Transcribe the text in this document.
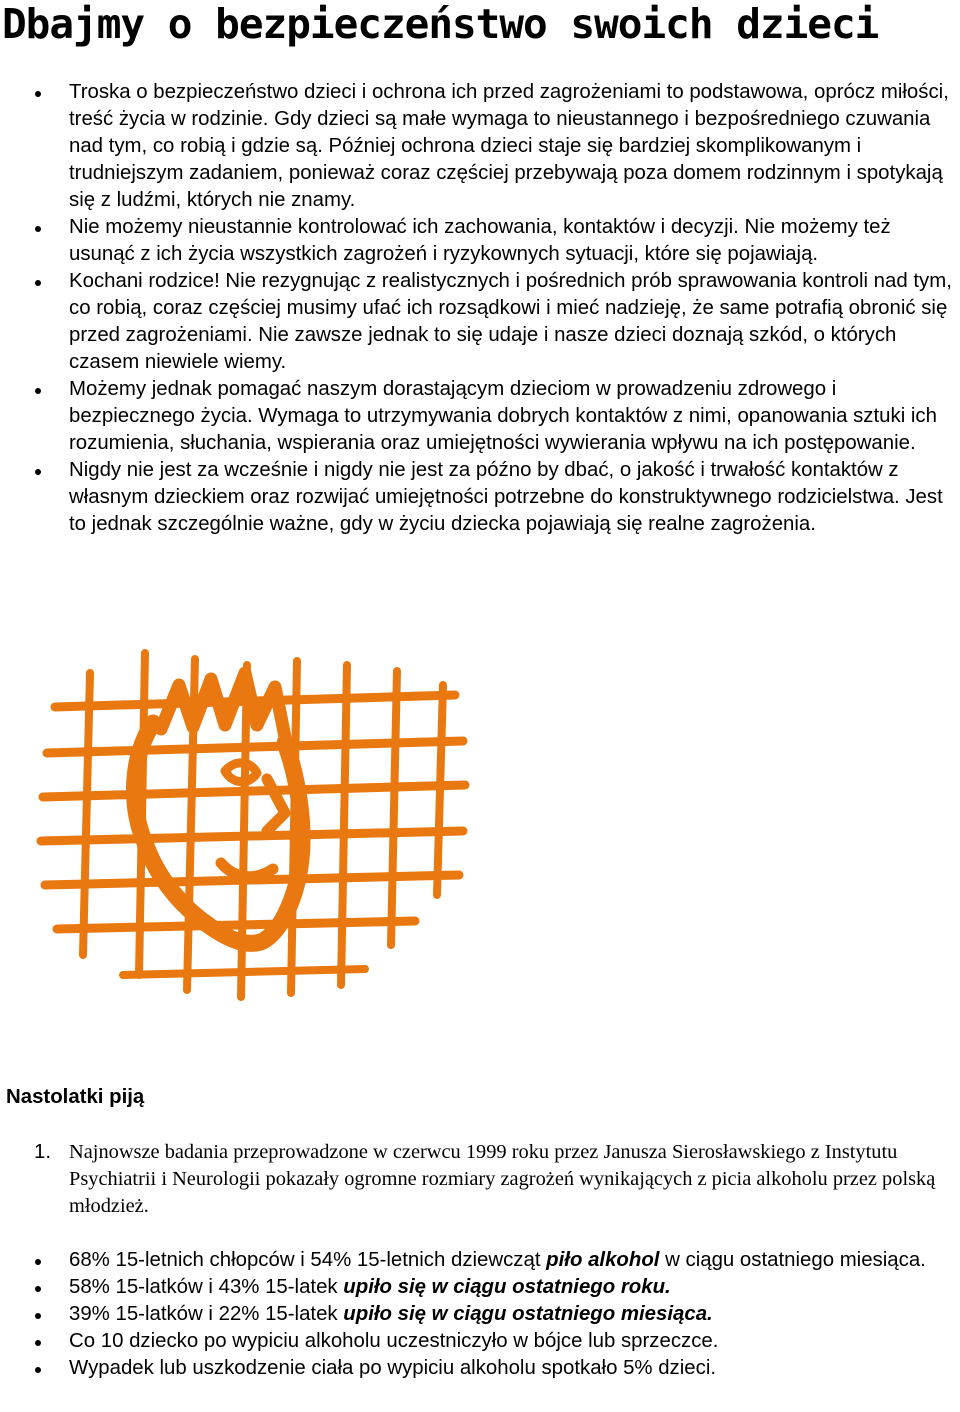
Dbajmy o bezpieczeństwo swoich dzieci
Troska o bezpieczeństwo dzieci i ochrona ich przed zagrożeniami to podstawowa, oprócz miłości, treść życia w rodzinie. Gdy dzieci są małe wymaga to nieustannego i bezpośredniego czuwania nad tym, co robią i gdzie są. Później ochrona dzieci staje się bardziej skomplikowanym i trudniejszym zadaniem, ponieważ coraz częściej przebywają poza domem rodzinnym i spotykają się z ludźmi, których nie znamy.
Nie możemy nieustannie kontrolować ich zachowania, kontaktów i decyzji. Nie możemy też usunąć z ich życia wszystkich zagrożeń i ryzykownych sytuacji, które się pojawiają.
Kochani rodzice! Nie rezygnując z realistycznych i pośrednich prób sprawowania kontroli nad tym, co robią, coraz częściej musimy ufać ich rozsądkowi i mieć nadzieję, że same potrafią obronić się przed zagrożeniami. Nie zawsze jednak to się udaje i nasze dzieci doznają szkód, o których czasem niewiele wiemy.
Możemy jednak pomagać naszym dorastającym dzieciom w prowadzeniu zdrowego i bezpiecznego życia. Wymaga to utrzymywania dobrych kontaktów z nimi, opanowania sztuki ich rozumienia, słuchania, wspierania oraz umiejętności wywierania wpływu na ich postępowanie.
Nigdy nie jest za wcześnie i nigdy nie jest za późno by dbać, o jakość i trwałość kontaktów z własnym dzieckiem oraz rozwijać umiejętności potrzebne do konstruktywnego rodzicielstwa. Jest to jednak szczególnie ważne, gdy w życiu dziecka pojawiają się realne zagrożenia.
Nastolatki piją
1. Najnowsze badania przeprowadzone w czerwcu 1999 roku przez Janusza Sierosławskiego z Instytutu Psychiatrii i Neurologii pokazały ogromne rozmiary zagrożeń wynikających z picia alkoholu przez polską młodzież.
68% 15-letnich chłopców i 54% 15-letnich dziewcząt piło alkohol w ciągu ostatniego miesiąca.
58% 15-latków i 43% 15-latek upiło się w ciągu ostatniego roku.
39% 15-latków i 22% 15-latek upiło się w ciągu ostatniego miesiąca.
Co 10 dziecko po wypiciu alkoholu uczestniczyło w bójce lub sprzeczce.
Wypadek lub uszkodzenie ciała po wypiciu alkoholu spotkało 5% dzieci.
